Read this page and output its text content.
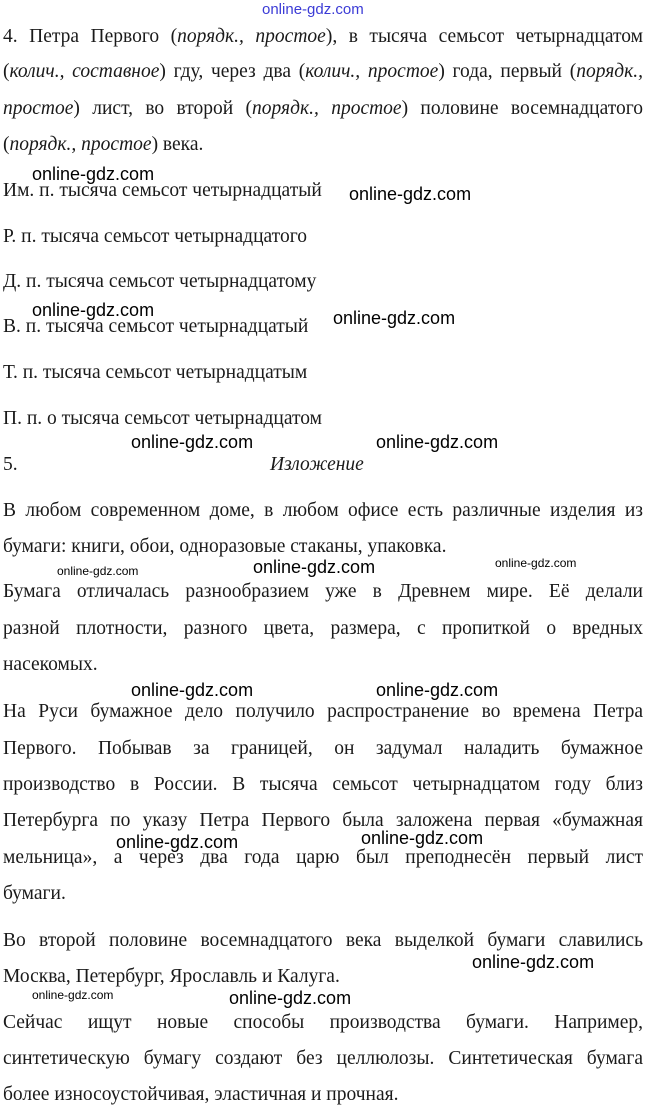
online-gdz.com
4. Петра Первого (порядк., простое), в тысяча семьсот четырнадцатом
(колич., составное) гду, через два (колич., простое) года, первый (порядк.,
простое) лист, во второй (порядк., простое) половине восемнадцатого
(порядк., простое) века.
Им. п. тысяча семьсот четырнадцатый
Р. п. тысяча семьсот четырнадцатого
Д. п. тысяча семьсот четырнадцатому
В. п. тысяча семьсот четырнадцатый
Т. п. тысяча семьсот четырнадцатым
П. п. о тысяча семьсот четырнадцатом
5.	Изложение
В любом современном доме, в любом офисе есть различные изделия из
бумаги: книги, обои, одноразовые стаканы, упаковка.
Бумага отличалась разнообразием уже в Древнем мире. Её делали
разной плотности, разного цвета, размера, с пропиткой о вредных
насекомых.
На Руси бумажное дело получило распространение во времена Петра
Первого. Побывав за границей, он задумал наладить бумажное
производство в России. В тысяча семьсот четырнадцатом году близ
Петербурга по указу Петра Первого была заложена первая «бумажная
мельница», а через два года царю был преподнесён первый лист
бумаги.
Во второй половине восемнадцатого века выделкой бумаги славились
Москва, Петербург, Ярославль и Калуга.
Сейчас ищут новые способы производства бумаги. Например,
синтетическую бумагу создают без целлюлозы. Синтетическая бумага
более износоустойчивая, эластичная и прочная.
online-gdz.com
online-gdz.com
online-gdz.com	online-gdz.com
online-gdz.com	online-gdz.com
online-gdz.com	online-gdz.com
online-gdz.com
online-gdz.com	online-gdz.com
online-gdz.com	online-gdz.com
online-gdz.com
online-gdz.com	online-gdz.com
